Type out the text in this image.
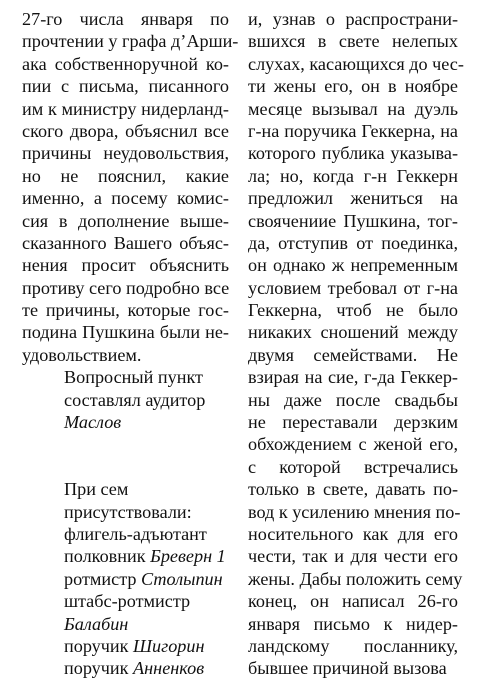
27-го числа января по
прочтении у графа д’Арши-
ака собственноручной ко-
пии с письма, писанного
им к министру нидерланд-
ского двора, объяснил все
причины неудовольствия,
но не пояснил, какие
именно, а посему комис-
сия в дополнение выше-
сказанного Вашего объяс-
нения просит объяснить
противу сего подробно все
те причины, которые гос-
подина Пушкина были не-
удовольствием.
Вопросный пункт
составлял аудитор
Маслов
При сем
присутствовали:
флигель-адъютант
полковник Бреверн 1
ротмистр Столыпин
штабс-ротмистр
Балабин
поручик Шигорин
поручик Анненков
и, узнав о распространи-
вшихся в свете нелепых
слухах, касающихся до чес-
ти жены его, он в ноябре
месяце вызывал на дуэль
г-на поручика Геккерна, на
которого публика указыва-
ла; но, когда г-н Геккерн
предложил жениться на
своячениие Пушкина, тог-
да, отступив от поединка,
он однако ж непременным
условием требовал от г-на
Геккерна, чтоб не было
никаких сношений между
двумя семействами. Не
взирая на сие, г-да Геккер-
ны даже после свадьбы
не переставали дерзким
обхождением с женой его,
с которой встречались
только в свете, давать по-
вод к усилению мнения по-
носительного как для его
чести, так и для чести его
жены. Дабы положить сему
конец, он написал 26-го
января письмо к нидер-
ландскому посланнику,
бывшее причиной вызова
